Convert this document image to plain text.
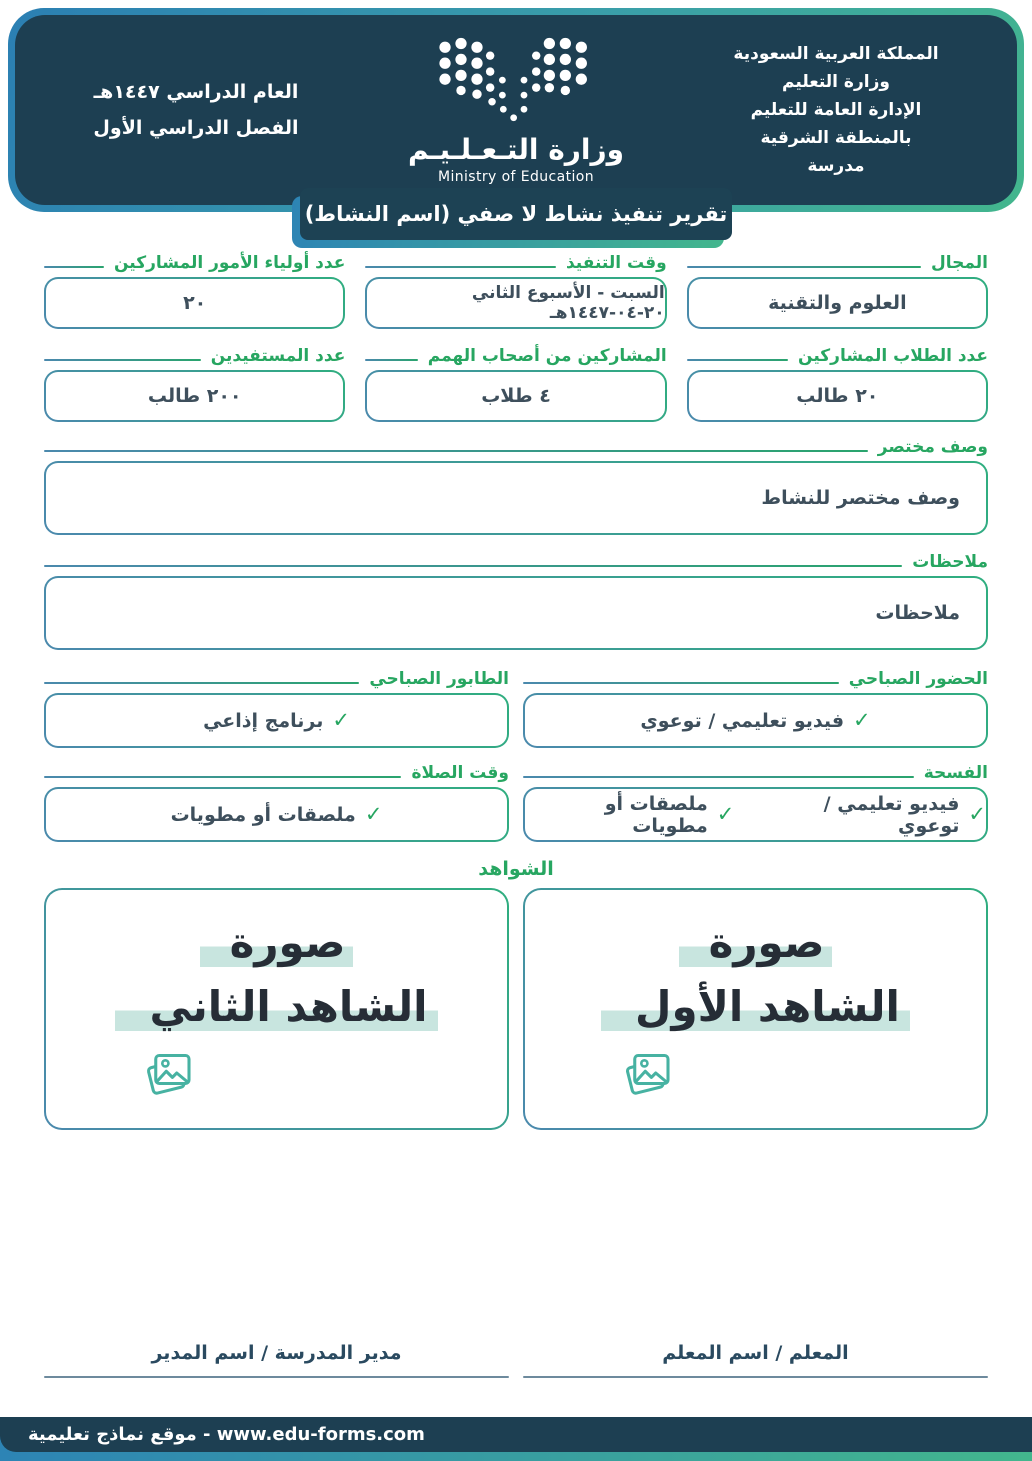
المملكة العربية السعودية
وزارة التعليم
الإدارة العامة للتعليم
بالمنطقة الشرقية
مدرسة
وزارة التـعـلـيـم
Ministry of Education
العام الدراسي ١٤٤٧هـ
الفصل الدراسي الأول
تقرير تنفيذ نشاط لا صفي (اسم النشاط)
المجال
العلوم والتقنية
وقت التنفيذ
السبت - الأسبوع الثاني ٢٠-٠٤-١٤٤٧هـ
عدد أولياء الأمور المشاركين
٢٠
عدد الطلاب المشاركين
٢٠ طالب
المشاركين من أصحاب الهمم
٤ طلاب
عدد المستفيدين
٢٠٠ طالب
وصف مختصر
وصف مختصر للنشاط
ملاحظات
ملاحظات
الحضور الصباحي
✓
فيديو تعليمي / توعوي
الطابور الصباحي
✓
برنامج إذاعي
الفسحة
✓
فيديو تعليمي / توعوي
✓
ملصقات أو مطويات
وقت الصلاة
✓
ملصقات أو مطويات
الشواهد
صورة
الشاهد الأول
صورة
الشاهد الثاني
المعلم / اسم المعلم
مدير المدرسة / اسم المدير
www.edu-forms.com - موقع نماذج تعليمية
